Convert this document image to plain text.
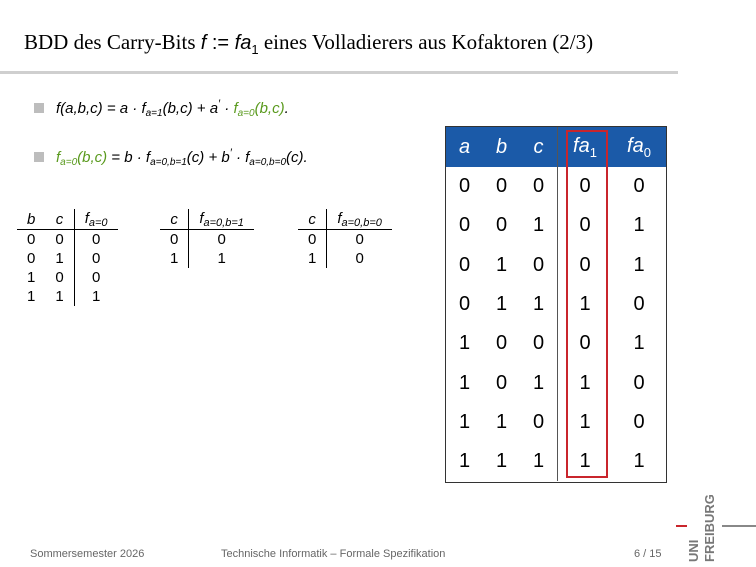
BDD des Carry-Bits f := $fa_1$ eines Volladierers aus Kofaktoren (2/3)
$f(a,b,c) = a \cdot f_{a=1}(b,c) + a' \cdot f_{a=0}(b,c)$.
$f_{a=0}(b,c) = b \cdot f_{a=0,b=1}(c) + b' \cdot f_{a=0,b=0}(c)$.
b	c	$f_{a=0}$
0	0	0
0	1	0
1	0	0
1	1	1
c	$f_{a=0,b=1}$
0	0
1	1
c	$f_{a=0,b=0}$
0	0
1	0
a	b	c	$fa_1$	$fa_0$
0	0	0	0	0
0	0	1	0	1
0	1	0	0	1
0	1	1	1	0
1	0	0	0	1
1	0	1	1	0
1	1	0	1	0
1	1	1	1	1
Sommersemester 2026	Technische Informatik – Formale Spezifikation	6 / 15 UNI FREIBURG
